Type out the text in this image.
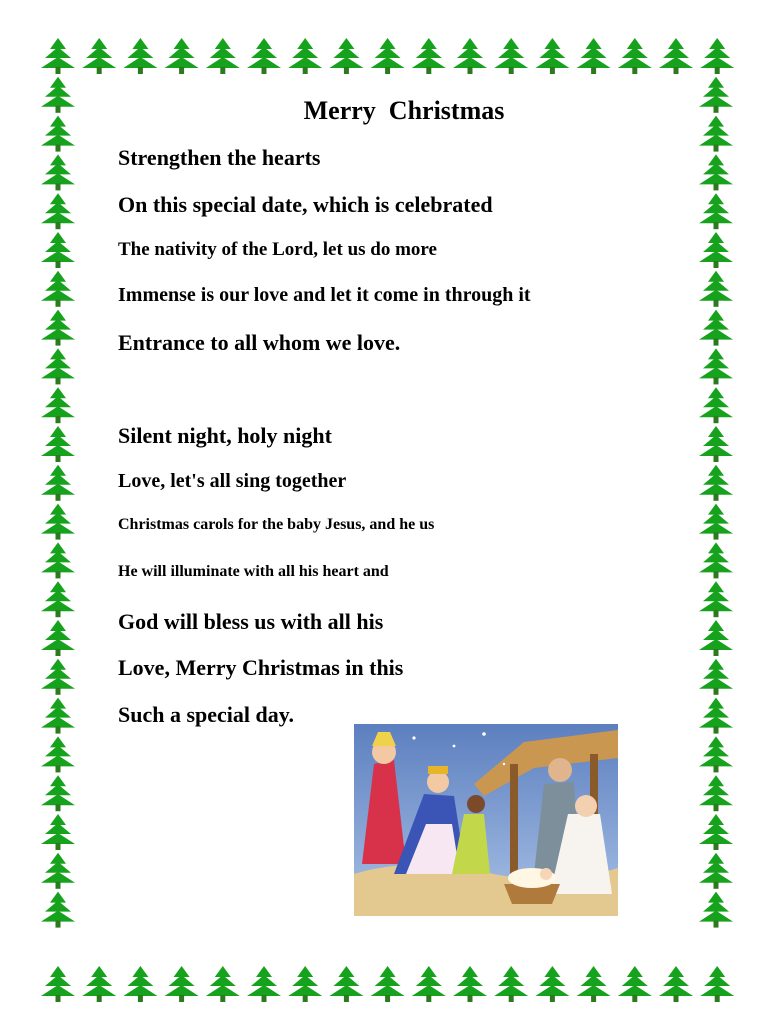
Merry  Christmas
Strengthen the hearts
On this special date, which is celebrated
The nativity of the Lord, let us do more
Immense is our love and let it come in through it
Entrance to all whom we love.
Silent night, holy night
Love, let's all sing together
Christmas carols for the baby Jesus, and he us
He will illuminate with all his heart and
God will bless us with all his
Love, Merry Christmas in this
Such a special day.
